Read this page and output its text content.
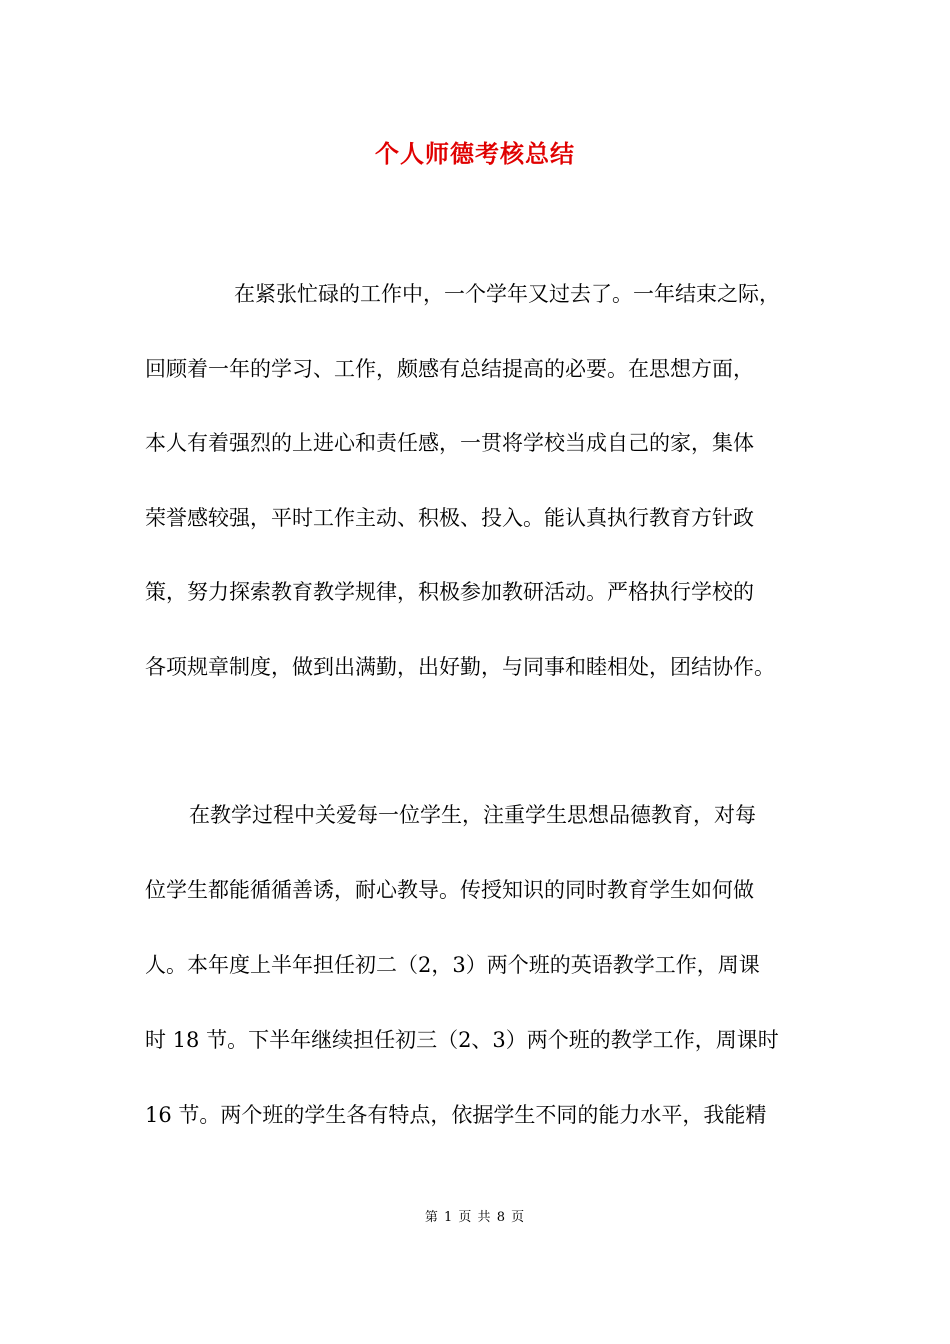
个人师德考核总结
在紧张忙碌的工作中，一个学年又过去了。一年结束之际，
回顾着一年的学习、工作，颇感有总结提高的必要。在思想方面，
本人有着强烈的上进心和责任感，一贯将学校当成自己的家，集体
荣誉感较强，平时工作主动、积极、投入。能认真执行教育方针政
策，努力探索教育教学规律，积极参加教研活动。严格执行学校的
各项规章制度，做到出满勤，出好勤，与同事和睦相处，团结协作。
在教学过程中关爱每一位学生，注重学生思想品德教育，对每
位学生都能循循善诱，耐心教导。传授知识的同时教育学生如何做
人。本年度上半年担任初二（2，3）两个班的英语教学工作，周课
时 18 节。下半年继续担任初三（2、3）两个班的教学工作，周课时
16 节。两个班的学生各有特点，依据学生不同的能力水平，我能精
第 1 页 共 8 页
